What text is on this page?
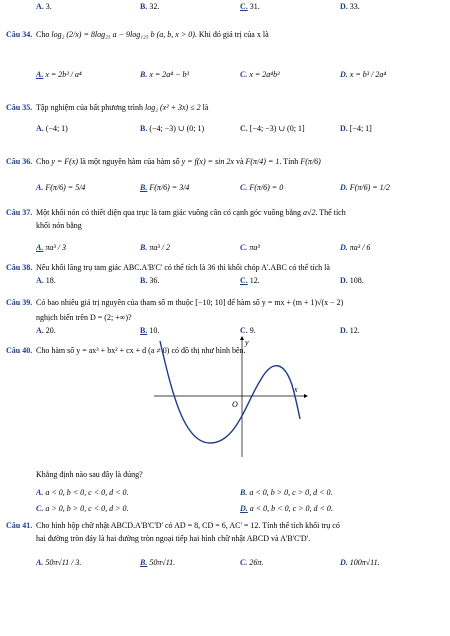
A. 3.	B. 32.	C. 31.	D. 33.
Câu 34. Cho log₂ (2/x) = 8log₂₅ a − 9log₁₂₅ b (a, b, x > 0). Khi đó giá trị của x là
A. x = 2b³ / a⁴	B. x = 2a⁴ − b³	C. x = 2a⁴b³	D. x = b³ / 2a⁴
Câu 35. Tập nghiệm của bất phương trình log₂ (x² + 3x) ≤ 2 là
A. (−4; 1)	B. (−4; −3) ∪ (0; 1)	C. [−4; −3) ∪ (0; 1]	D. [−4; 1]
Câu 36. Cho y = F(x) là một nguyên hàm của hàm số y = f(x) = sin 2x và F(π/4) = 1. Tính F(π/6)
A. F(π/6) = 5/4	B. F(π/6) = 3/4	C. F(π/6) = 0	D. F(π/6) = 1/2
Câu 37. Một khối nón có thiết diện qua trục là tam giác vuông cân có cạnh góc vuông bằng a√2. Thể tích
khối nón bằng
A. πa³ / 3	B. πa³ / 2	C. πa³	D. πa³ / 6
Câu 38. Nếu khối lăng trụ tam giác ABC.A'B'C' có thể tích là 36 thì khối chóp A'.ABC có thể tích là
A. 18.	B. 36.	C. 12.	D. 108.
Câu 39. Có bao nhiêu giá trị nguyên của tham số m thuộc [−10; 10] để hàm số y = mx + (m + 1)√(x − 2)
nghịch biến trên D = (2; +∞)?
A. 20.	B. 10.	C. 9.	D. 12.
Câu 40. Cho hàm số y = ax³ + bx² + cx + d (a ≠ 0) có đồ thị như hình bên.
y
x
O
Khẳng định nào sau đây là đúng?
A. a < 0, b < 0, c < 0, d < 0.	B. a < 0, b > 0, c > 0, d < 0.
C. a > 0, b > 0, c < 0, d > 0.	D. a < 0, b < 0, c > 0, d < 0.
Câu 41. Cho hình hộp chữ nhật ABCD.A'B'C'D' có AD = 8, CD = 6, AC' = 12. Tính thể tích khối trụ có
hai đường tròn đáy là hai đường tròn ngoại tiếp hai hình chữ nhật ABCD và A'B'C'D'.
A. 50π√11 / 3.	B. 50π√11.	C. 26π.	D. 100π√11.
